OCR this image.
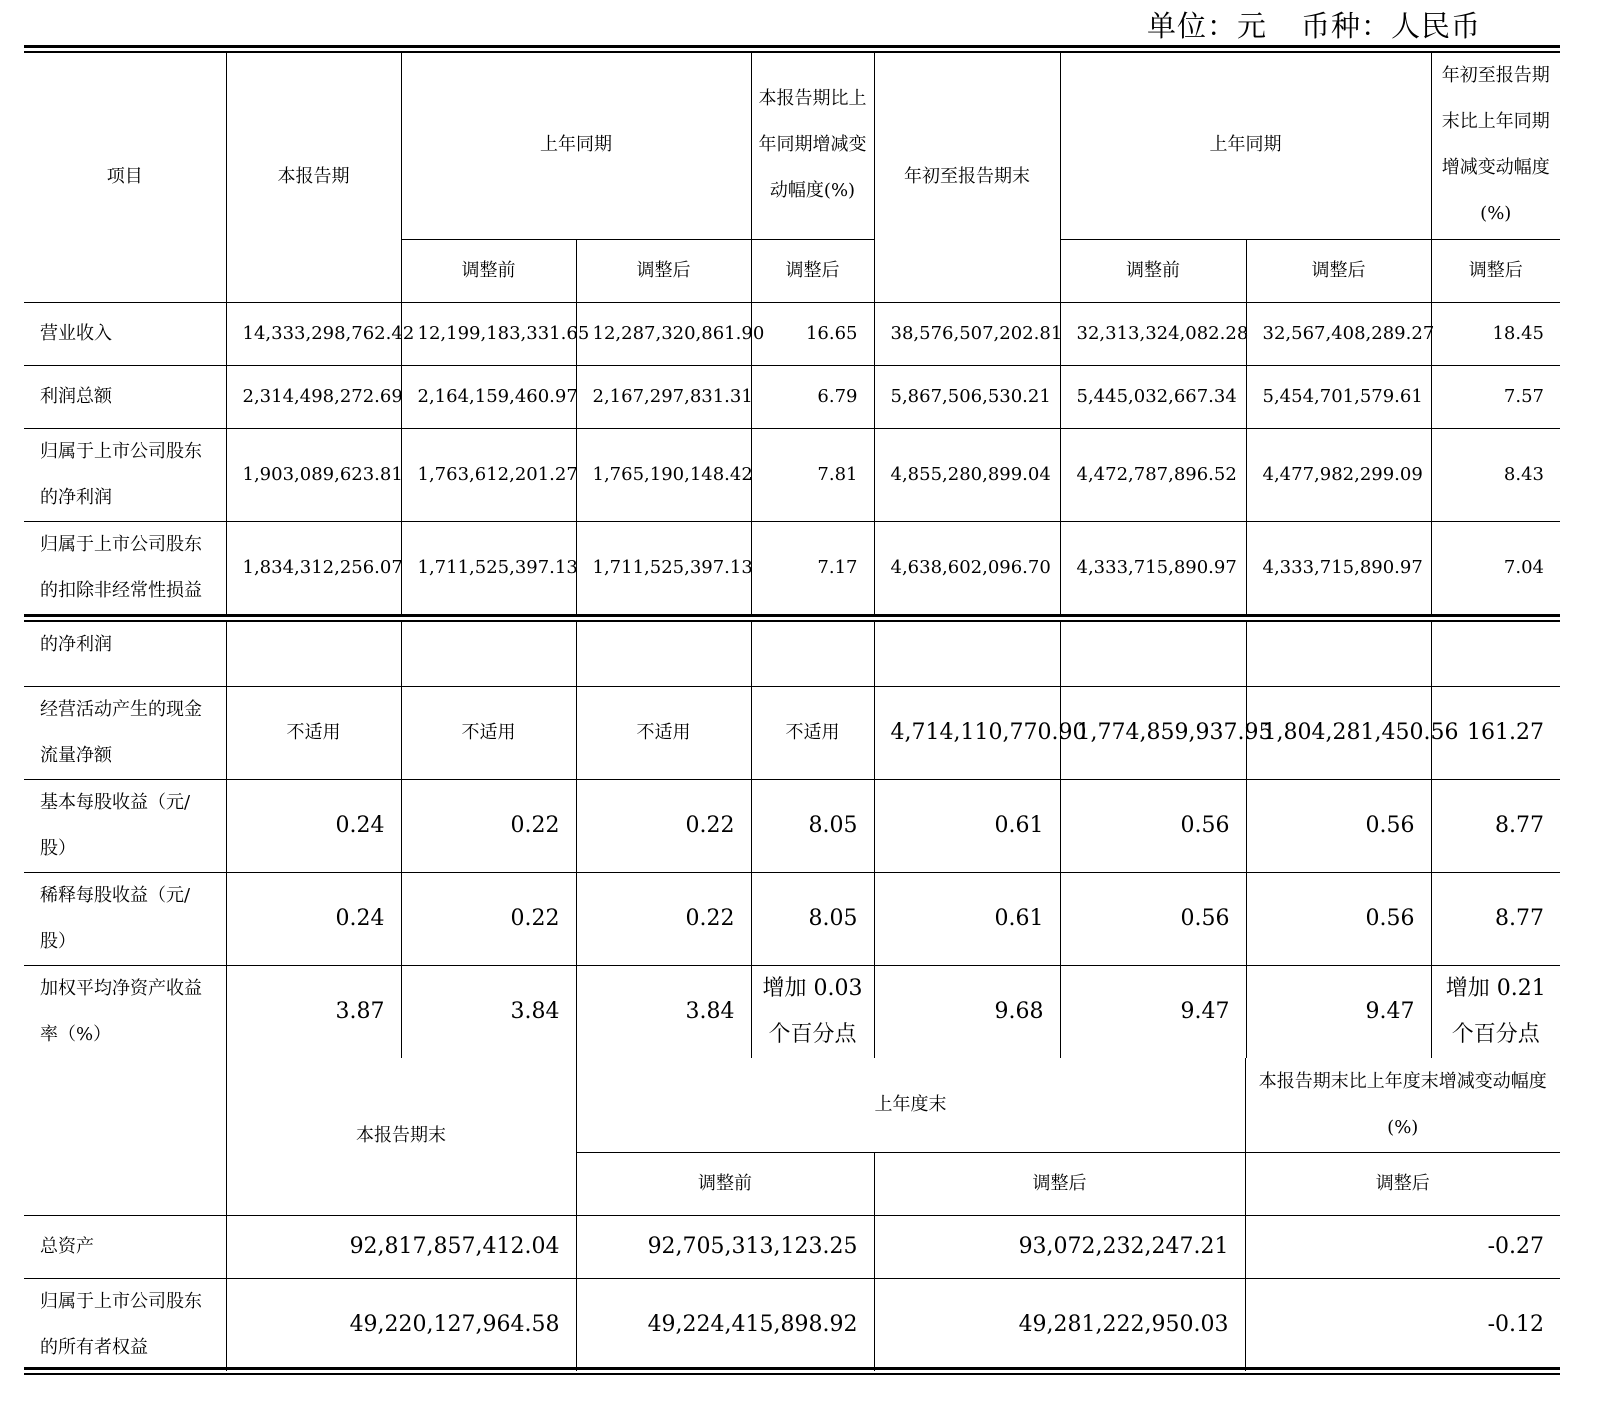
单位：元 币种：人民币
项目	本报告期	上年同期		本报告期比上年同期增减变动幅度(%)	年初至报告期末	上年同期		年初至报告期末比上年同期增减变动幅度(%)
		调整前	调整后	调整后		调整前	调整后	调整后
营业收入	14,333,298,762.42	12,199,183,331.65	12,287,320,861.90	16.65	38,576,507,202.81	32,313,324,082.28	32,567,408,289.27	18.45
利润总额	2,314,498,272.69	2,164,159,460.97	2,167,297,831.31	6.79	5,867,506,530.21	5,445,032,667.34	5,454,701,579.61	7.57
归属于上市公司股东的净利润	1,903,089,623.81	1,763,612,201.27	1,765,190,148.42	7.81	4,855,280,899.04	4,472,787,896.52	4,477,982,299.09	8.43
归属于上市公司股东的扣除非经常性损益	1,834,312,256.07	1,711,525,397.13	1,711,525,397.13	7.17	4,638,602,096.70	4,333,715,890.97	4,333,715,890.97	7.04
的净利润								
经营活动产生的现金流量净额	不适用	不适用	不适用	不适用	4,714,110,770.90	1,774,859,937.95	1,804,281,450.56	161.27
基本每股收益（元/股）	0.24	0.22	0.22	8.05	0.61	0.56	0.56	8.77
稀释每股收益（元/股）	0.24	0.22	0.22	8.05	0.61	0.56	0.56	8.77
加权平均净资产收益率（%）	3.87	3.84	3.84	增加 0.03 个百分点	9.68	9.47	9.47	增加 0.21 个百分点
	本报告期末	上年度末		本报告期末比上年度末增减变动幅度(%)
		调整前	调整后	调整后
总资产	92,817,857,412.04	92,705,313,123.25	93,072,232,247.21	-0.27
归属于上市公司股东的所有者权益	49,220,127,964.58	49,224,415,898.92	49,281,222,950.03	-0.12
